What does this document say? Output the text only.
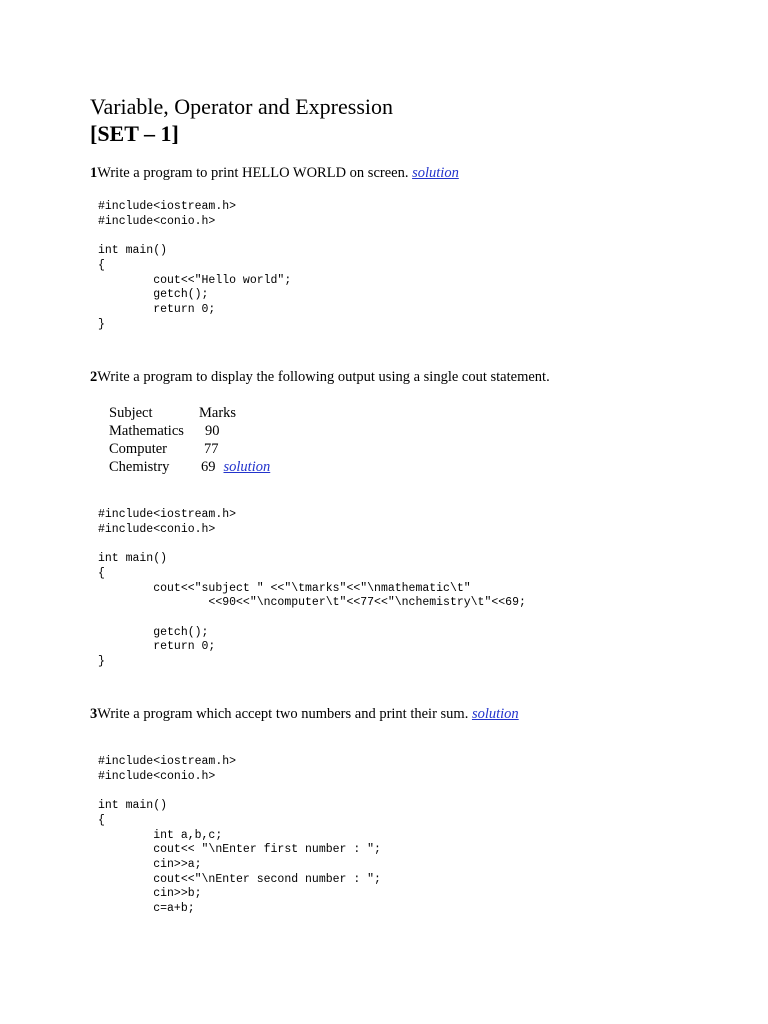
Variable, Operator and Expression
[SET – 1]
1Write a program to print HELLO WORLD on screen. solution
#include<iostream.h>
#include<conio.h>

int main()
{
cout<<"Hello world";
getch();
return 0;
}
2Write a program to display the following output using a single cout statement.
Subject	Marks
Mathematics 90
Computer	77
Chemistry 69 solution
#include<iostream.h>
#include<conio.h>

int main()
{
cout<<"subject " <<"\tmarks"<<"\nmathematic\t"
<<90<<"\ncomputer\t"<<77<<"\nchemistry\t"<<69;

getch();
return 0;
}
3Write a program which accept two numbers and print their sum. solution
#include<iostream.h>
#include<conio.h>

int main()
{
int a,b,c;
cout<< "\nEnter first number : ";
cin>>a;
cout<<"\nEnter second number : ";
cin>>b;
c=a+b;
